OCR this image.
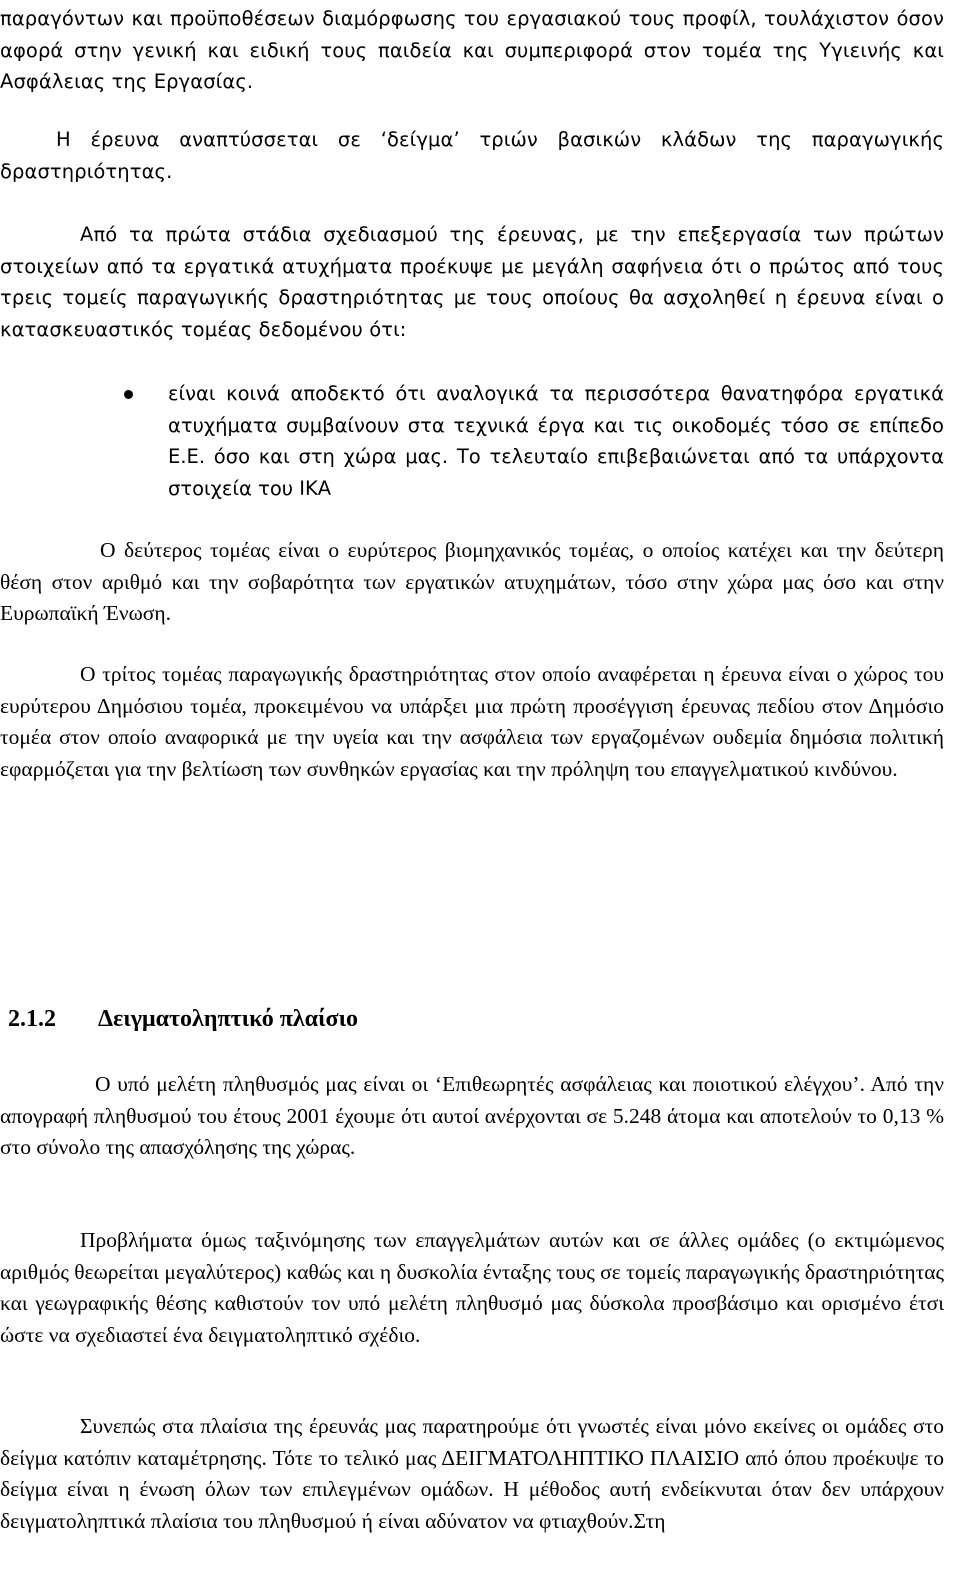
παραγόντων και προϋποθέσεων διαμόρφωσης του εργασιακού τους προφίλ, τουλάχιστον όσον αφορά στην γενική και ειδική τους παιδεία και συμπεριφορά στον τομέα της Υγιεινής και Ασφάλειας της Εργασίας.
Η έρευνα αναπτύσσεται σε ‘δείγμα’ τριών βασικών κλάδων της παραγωγικής δραστηριότητας.
Από τα πρώτα στάδια σχεδιασμού της έρευνας, με την επεξεργασία των πρώτων στοιχείων από τα εργατικά ατυχήματα προέκυψε με μεγάλη σαφήνεια ότι ο πρώτος από τους τρεις τομείς παραγωγικής δραστηριότητας με τους οποίους θα ασχοληθεί η έρευνα είναι ο κατασκευαστικός τομέας δεδομένου ότι:
είναι κοινά αποδεκτό ότι αναλογικά τα περισσότερα θανατηφόρα εργατικά ατυχήματα συμβαίνουν στα τεχνικά έργα και τις οικοδομές τόσο σε επίπεδο Ε.Ε. όσο και στη χώρα μας. Το τελευταίο επιβεβαιώνεται από τα υπάρχοντα στοιχεία του ΙΚΑ
Ο δεύτερος τομέας είναι ο ευρύτερος βιομηχανικός τομέας, ο οποίος κατέχει και την δεύτερη θέση στον αριθμό και την σοβαρότητα των εργατικών ατυχημάτων, τόσο στην χώρα μας όσο και στην Ευρωπαϊκή Ένωση.
Ο τρίτος τομέας παραγωγικής δραστηριότητας στον οποίο αναφέρεται η έρευνα είναι ο χώρος του ευρύτερου Δημόσιου τομέα, προκειμένου να υπάρξει μια πρώτη προσέγγιση έρευνας πεδίου στον Δημόσιο τομέα στον οποίο αναφορικά με την υγεία και την ασφάλεια των εργαζομένων ουδεμία δημόσια πολιτική εφαρμόζεται για την βελτίωση των συνθηκών εργασίας και την πρόληψη του επαγγελματικού κινδύνου.
2.1.2 Δειγματοληπτικό πλαίσιο
Ο υπό μελέτη πληθυσμός μας είναι οι ‘Επιθεωρητές ασφάλειας και ποιοτικού ελέγχου’. Από την απογραφή πληθυσμού του έτους 2001 έχουμε ότι αυτοί ανέρχονται σε 5.248 άτομα και αποτελούν το 0,13 % στο σύνολο της απασχόλησης της χώρας.
Προβλήματα όμως ταξινόμησης των επαγγελμάτων αυτών και σε άλλες ομάδες (ο εκτιμώμενος αριθμός θεωρείται μεγαλύτερος) καθώς και η δυσκολία ένταξης τους σε τομείς παραγωγικής δραστηριότητας και γεωγραφικής θέσης καθιστούν τον υπό μελέτη πληθυσμό μας δύσκολα προσβάσιμο και ορισμένο έτσι ώστε να σχεδιαστεί ένα δειγματοληπτικό σχέδιο.
Συνεπώς στα πλαίσια της έρευνάς μας παρατηρούμε ότι γνωστές είναι μόνο εκείνες οι ομάδες στο δείγμα κατόπιν καταμέτρησης. Τότε το τελικό μας ΔΕΙΓΜΑΤΟΛΗΠΤΙΚΟ ΠΛΑΙΣΙΟ από όπου προέκυψε το δείγμα είναι η ένωση όλων των επιλεγμένων ομάδων. Η μέθοδος αυτή ενδείκνυται όταν δεν υπάρχουν δειγματοληπτικά πλαίσια του πληθυσμού ή είναι αδύνατον να φτιαχθούν.Στη
